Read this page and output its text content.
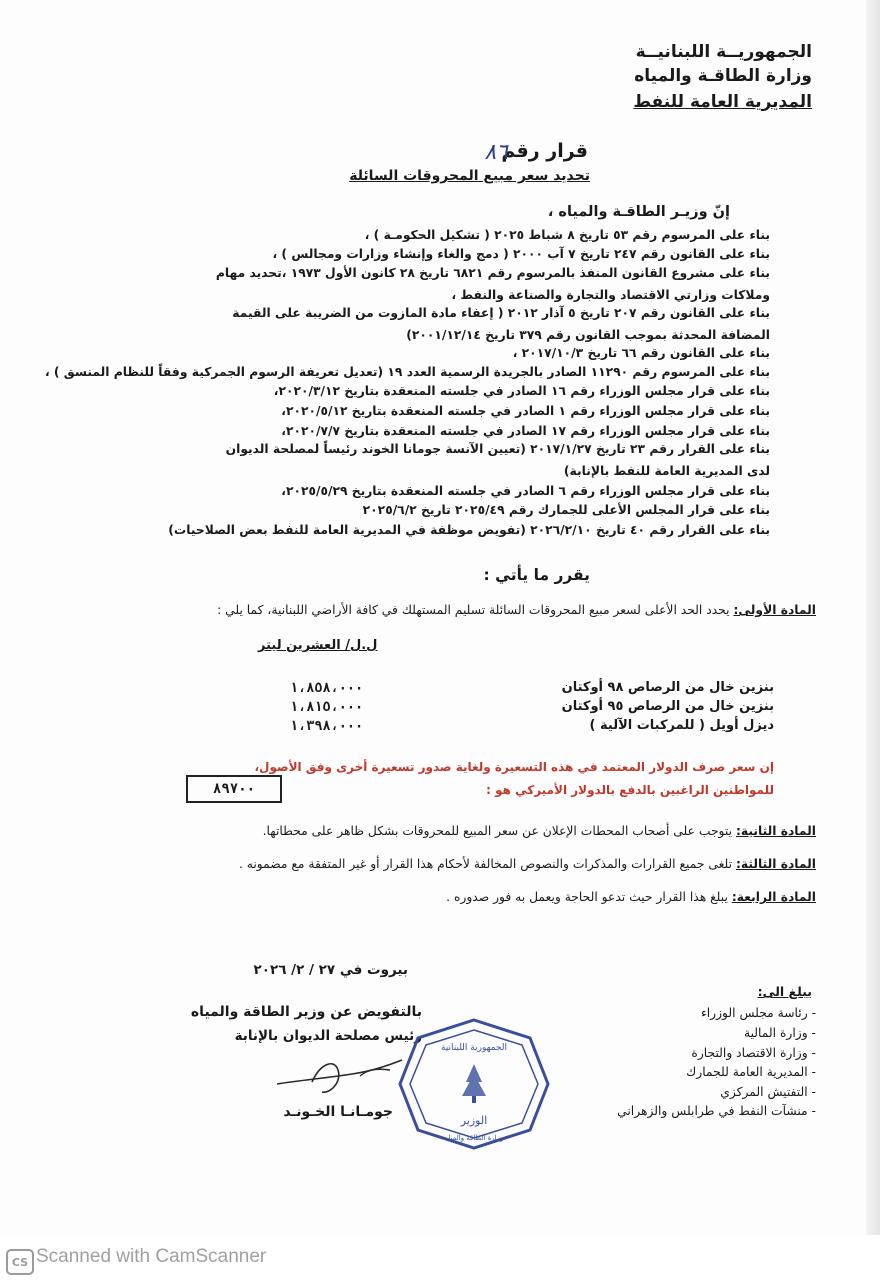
الجمهوريــة اللبنانيــة
وزارة الطاقـة والمياه
المديرية العامة للنفط
قرار رقم
٨٦
تحديد سعر مبيع المحروقات السائلة
إنّ وزيـر الطاقـة والمياه ،
بناء على المرسوم رقم ٥٣ تاريخ ٨ شباط ٢٠٢٥ ( تشكيل الحكومـة ) ،
بناء على القانون رقم ٢٤٧ تاريخ ٧ آب ٢٠٠٠ ( دمج والغاء وإنشاء وزارات ومجالس ) ،
بناء على مشروع القانون المنفذ بالمرسوم رقم ٦٨٢١ تاريخ ٢٨ كانون الأول ١٩٧٣ ،تحديد مهام وملاكات وزارتي الاقتصاد والتجارة والصناعة والنفط ،
بناء على القانون رقم ٢٠٧ تاريخ ٥ آذار ٢٠١٢ ( إعفاء مادة المازوت من الضريبة على القيمة المضافة المحدثة بموجب القانون رقم ٣٧٩ تاريخ ٢٠٠١/١٢/١٤)
بناء على القانون رقم ٦٦ تاريخ ٢٠١٧/١٠/٣ ،
بناء على المرسوم رقم ١١٢٩٠ الصادر بالجريدة الرسمية العدد ١٩ (تعديل تعريفة الرسوم الجمركية وفقاً للنظام المنسق ) ،
بناء على قرار مجلس الوزراء رقم ١٦ الصادر في جلسته المنعقدة بتاريخ ٢٠٢٠/٣/١٢،
بناء على قرار مجلس الوزراء رقم ١ الصادر في جلسته المنعقدة بتاريخ ٢٠٢٠/٥/١٢،
بناء على قرار مجلس الوزراء رقم ١٧ الصادر في جلسته المنعقدة بتاريخ ٢٠٢٠/٧/٧،
بناء على القرار رقم ٢٣ تاريخ ٢٠١٧/١/٢٧ (تعيين الآنسة جومانا الخوند رئيساً لمصلحة الديوان لدى المديرية العامة للنفط بالإنابة)
بناء على قرار مجلس الوزراء رقم ٦ الصادر في جلسته المنعقدة بتاريخ ٢٠٢٥/٥/٢٩،
بناء على قرار المجلس الأعلى للجمارك رقم ٢٠٢٥/٤٩ تاريخ ٢٠٢٥/٦/٢
بناء على القرار رقم ٤٠ تاريخ ٢٠٢٦/٢/١٠ (تفويض موظفة في المديرية العامة للنفط بعض الصلاحيات)
يقرر ما يأتي :
المادة الأولى: يحدد الحد الأعلى لسعر مبيع المحروقات السائلة تسليم المستهلك في كافة الأراضي اللبنانية، كما يلي :
ل.ل/ العشرين ليتر
بنزين خال من الرصاص ٩٨ أوكتان
١،٨٥٨،٠٠٠
بنزين خال من الرصاص ٩٥ أوكتان
١،٨١٥،٠٠٠
ديزل أويل ( للمركبات الآلية )
١،٣٩٨،٠٠٠
إن سعر صرف الدولار المعتمد في هذه التسعيرة ولغاية صدور تسعيرة أخرى وفق الأصول،
للمواطنين الراغبين بالدفع بالدولار الأميركي هو :
٨٩٧٠٠
المادة الثانية: يتوجب على أصحاب المحطات الإعلان عن سعر المبيع للمحروقات بشكل ظاهر على محطاتها.
المادة الثالثة: تلغى جميع القرارات والمذكرات والنصوص المخالفة لأحكام هذا القرار أو غير المتفقة مع مضمونه .
المادة الرابعة: يبلغ هذا القرار حيث تدعو الحاجة ويعمل به فور صدوره .
بيروت في ٢٧ / ٢/ ٢٠٢٦
بالتفويض عن وزير الطاقة والمياه
رئيس مصلحة الديوان بالإنابة
الوزير
الجمهورية اللبنانية
وزارة الطاقة والمياه
جومـانـا الخـونـد
يبلغ الى:
- رئاسة مجلس الوزراء
- وزارة المالية
- وزارة الاقتصاد والتجارة
- المديرية العامة للجمارك
- التفتيش المركزي
- منشآت النفط في طرابلس والزهراني
CS Scanned with CamScanner
